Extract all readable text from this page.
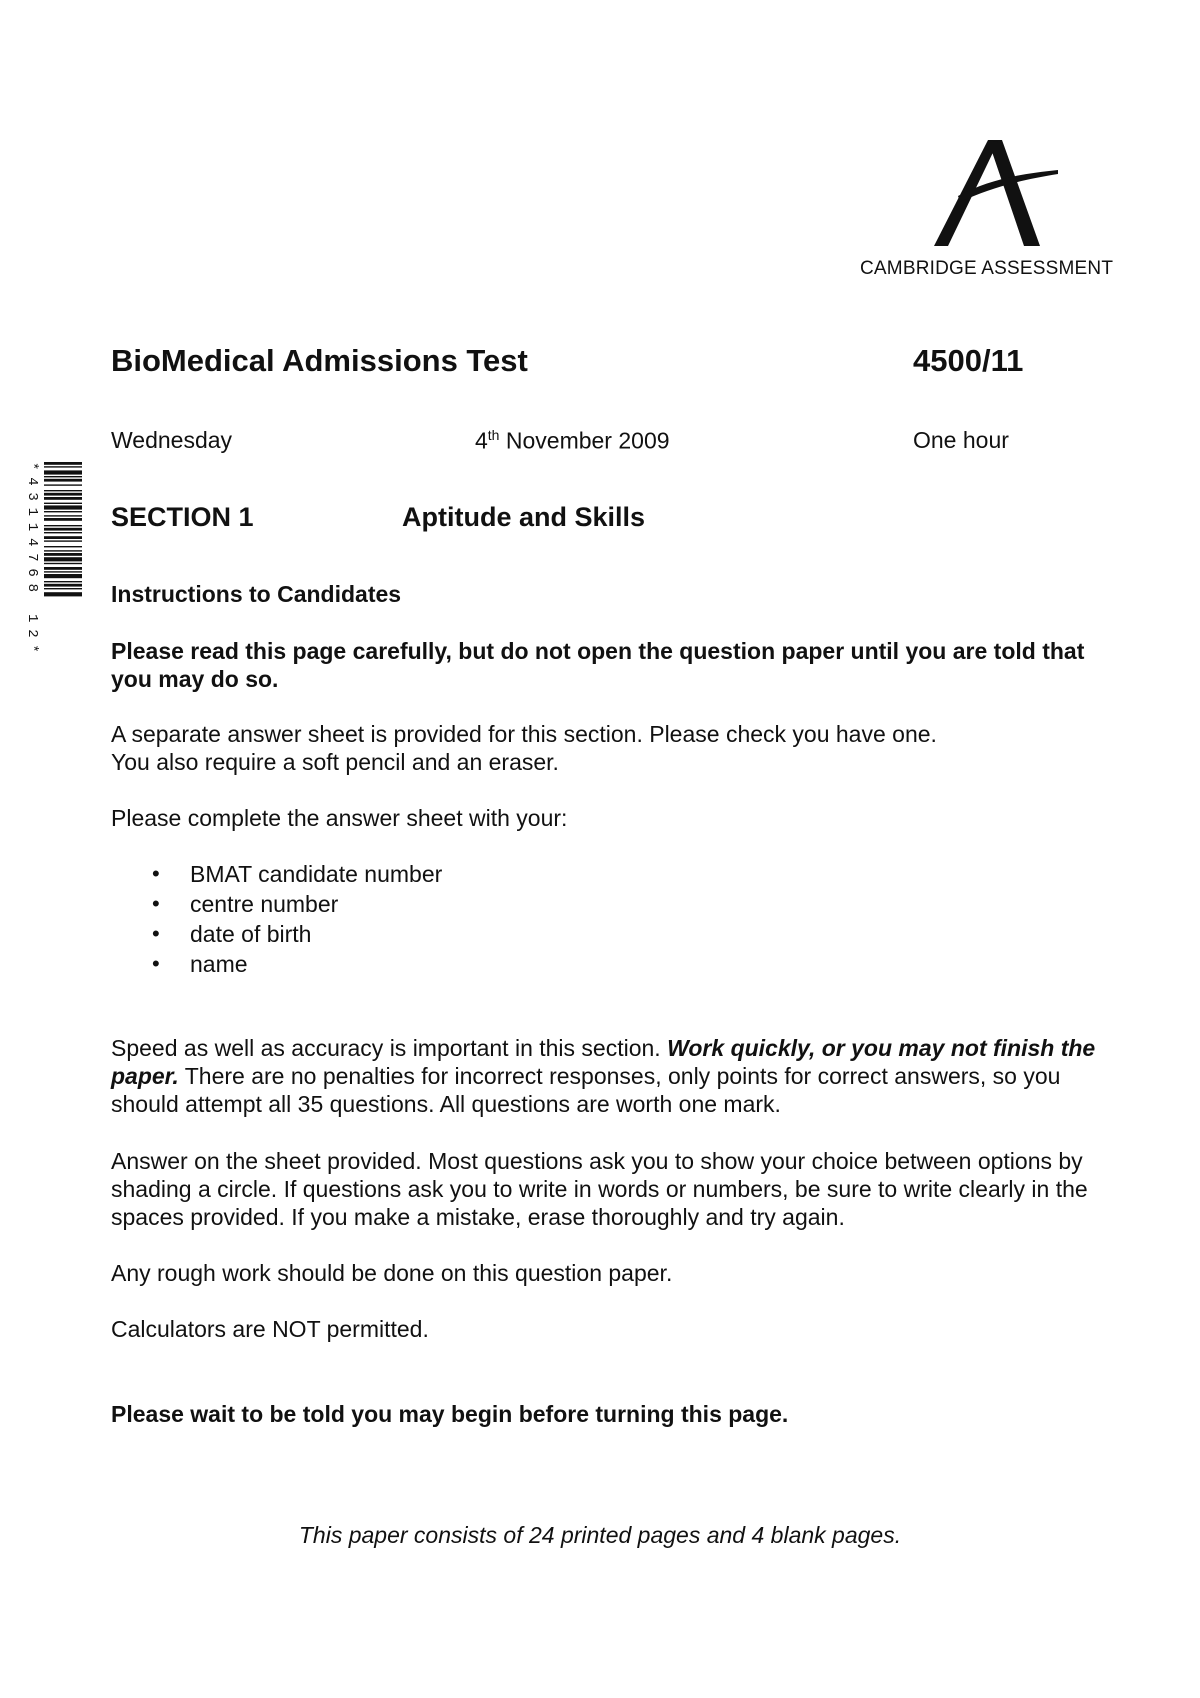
CAMBRIDGE ASSESSMENT
*43114768 12*
BioMedical Admissions Test	4500/11
Wednesday	4th November 2009	One hour
SECTION 1	Aptitude and Skills
Instructions to Candidates
Please read this page carefully, but do not open the question paper until you are told that you may do so.
A separate answer sheet is provided for this section. Please check you have one.
You also require a soft pencil and an eraser.
Please complete the answer sheet with your:
• BMAT candidate number
• centre number
• date of birth
• name
Speed as well as accuracy is important in this section. Work quickly, or you may not finish the paper. There are no penalties for incorrect responses, only points for correct answers, so you should attempt all 35 questions. All questions are worth one mark.
Answer on the sheet provided. Most questions ask you to show your choice between options by shading a circle. If questions ask you to write in words or numbers, be sure to write clearly in the spaces provided. If you make a mistake, erase thoroughly and try again.
Any rough work should be done on this question paper.
Calculators are NOT permitted.
Please wait to be told you may begin before turning this page.
This paper consists of 24 printed pages and 4 blank pages.
